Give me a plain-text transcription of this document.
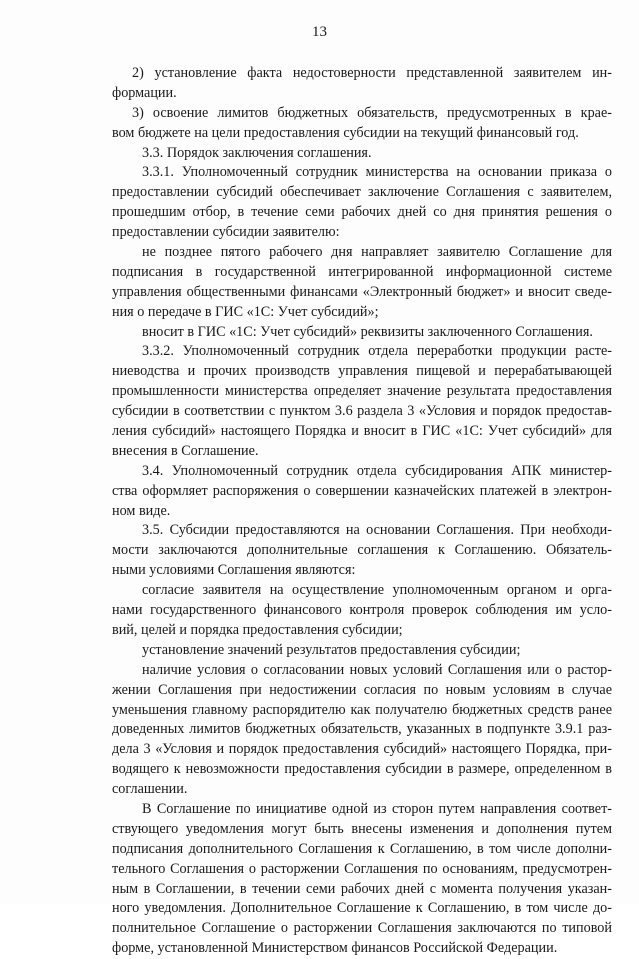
13
2) установление факта недостоверности представленной заявителем ин-
формации.
3) освоение лимитов бюджетных обязательств, предусмотренных в крае-
вом бюджете на цели предоставления субсидии на текущий финансовый год.
3.3. Порядок заключения соглашения.
3.3.1. Уполномоченный сотрудник министерства на основании приказа о
предоставлении субсидий обеспечивает заключение Соглашения с заявителем,
прошедшим отбор, в течение семи рабочих дней со дня принятия решения о
предоставлении субсидии заявителю:
не позднее пятого рабочего дня направляет заявителю Соглашение для
подписания в государственной интегрированной информационной системе
управления общественными финансами «Электронный бюджет» и вносит сведе-
ния о передаче в ГИС «1С: Учет субсидий»;
вносит в ГИС «1С: Учет субсидий» реквизиты заключенного Соглашения.
3.3.2. Уполномоченный сотрудник отдела переработки продукции расте-
ниеводства и прочих производств управления пищевой и перерабатывающей
промышленности министерства определяет значение результата предоставления
субсидии в соответствии с пунктом 3.6 раздела 3 «Условия и порядок предостав-
ления субсидий» настоящего Порядка и вносит в ГИС «1С: Учет субсидий» для
внесения в Соглашение.
3.4. Уполномоченный сотрудник отдела субсидирования АПК министер-
ства оформляет распоряжения о совершении казначейских платежей в электрон-
ном виде.
3.5. Субсидии предоставляются на основании Соглашения. При необходи-
мости заключаются дополнительные соглашения к Соглашению. Обязатель-
ными условиями Соглашения являются:
согласие заявителя на осуществление уполномоченным органом и орга-
нами государственного финансового контроля проверок соблюдения им усло-
вий, целей и порядка предоставления субсидии;
установление значений результатов предоставления субсидии;
наличие условия о согласовании новых условий Соглашения или о растор-
жении Соглашения при недостижении согласия по новым условиям в случае
уменьшения главному распорядителю как получателю бюджетных средств ранее
доведенных лимитов бюджетных обязательств, указанных в подпункте 3.9.1 раз-
дела 3 «Условия и порядок предоставления субсидий» настоящего Порядка, при-
водящего к невозможности предоставления субсидии в размере, определенном в
соглашении.
В Соглашение по инициативе одной из сторон путем направления соответ-
ствующего уведомления могут быть внесены изменения и дополнения путем
подписания дополнительного Соглашения к Соглашению, в том числе дополни-
тельного Соглашения о расторжении Соглашения по основаниям, предусмотрен-
ным в Соглашении, в течении семи рабочих дней с момента получения указан-
ного уведомления. Дополнительное Соглашение к Соглашению, в том числе до-
полнительное Соглашение о расторжении Соглашения заключаются по типовой
форме, установленной Министерством финансов Российской Федерации.
